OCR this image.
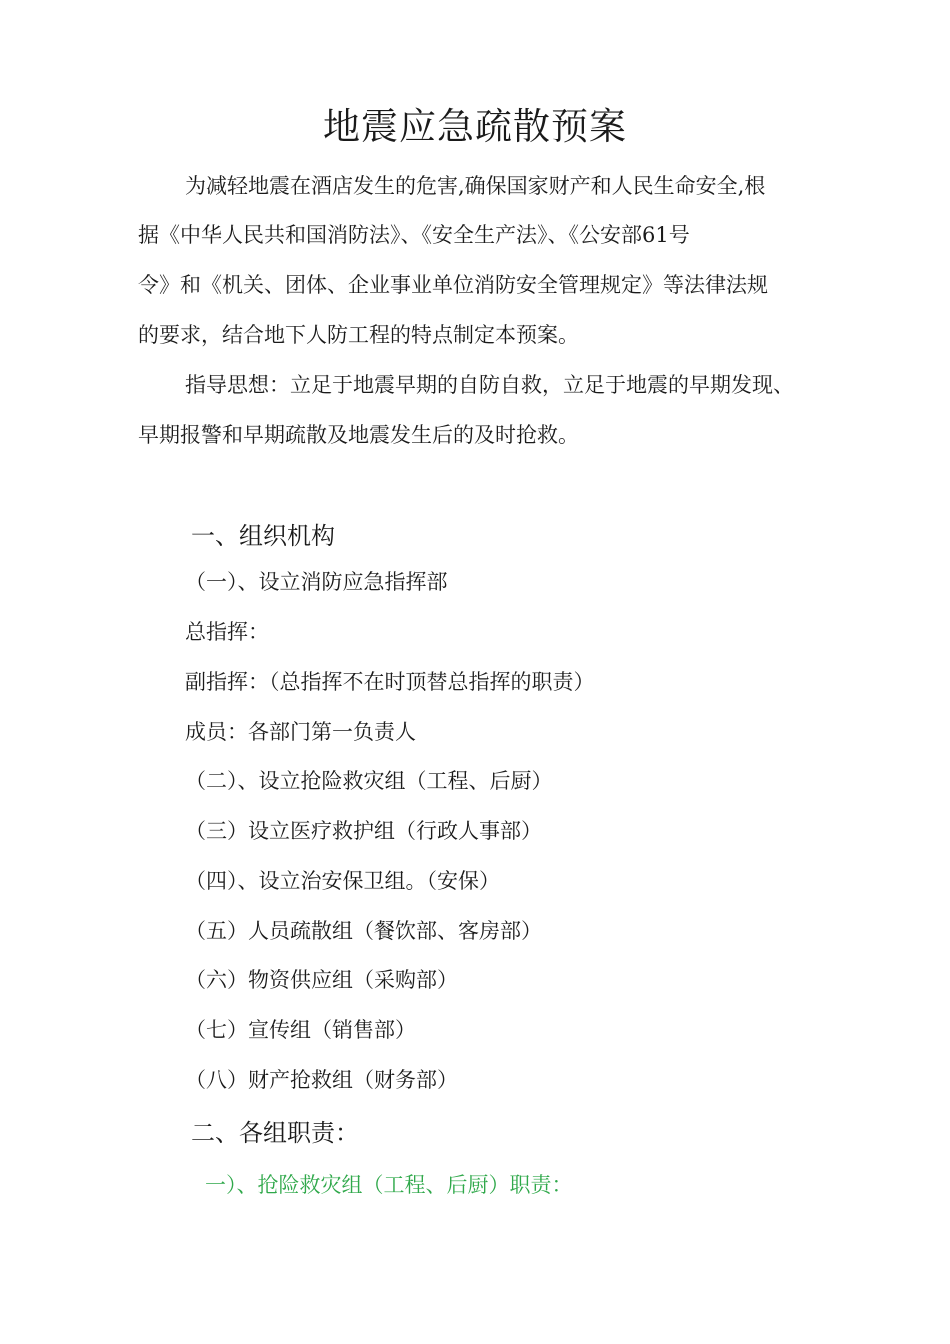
地震应急疏散预案
为减轻地震在酒店发生的危害,确保国家财产和人民生命安全,根
据《中华人民共和国消防法》、《安全生产法》、《公安部61号
令》和《机关、团体、企业事业单位消防安全管理规定》等法律法规
的要求，结合地下人防工程的特点制定本预案。
指导思想：立足于地震早期的自防自救，立足于地震的早期发现、
早期报警和早期疏散及地震发生后的及时抢救。
一、组织机构
（一）、设立消防应急指挥部
总指挥：
副指挥：（总指挥不在时顶替总指挥的职责）
成员：各部门第一负责人
（二）、设立抢险救灾组（工程、后厨）
（三）设立医疗救护组（行政人事部）
（四）、设立治安保卫组。（安保）
（五）人员疏散组（餐饮部、客房部）
（六）物资供应组（采购部）
（七）宣传组（销售部）
（八）财产抢救组（财务部）
二、各组职责：
一）、抢险救灾组（工程、后厨）职责：
